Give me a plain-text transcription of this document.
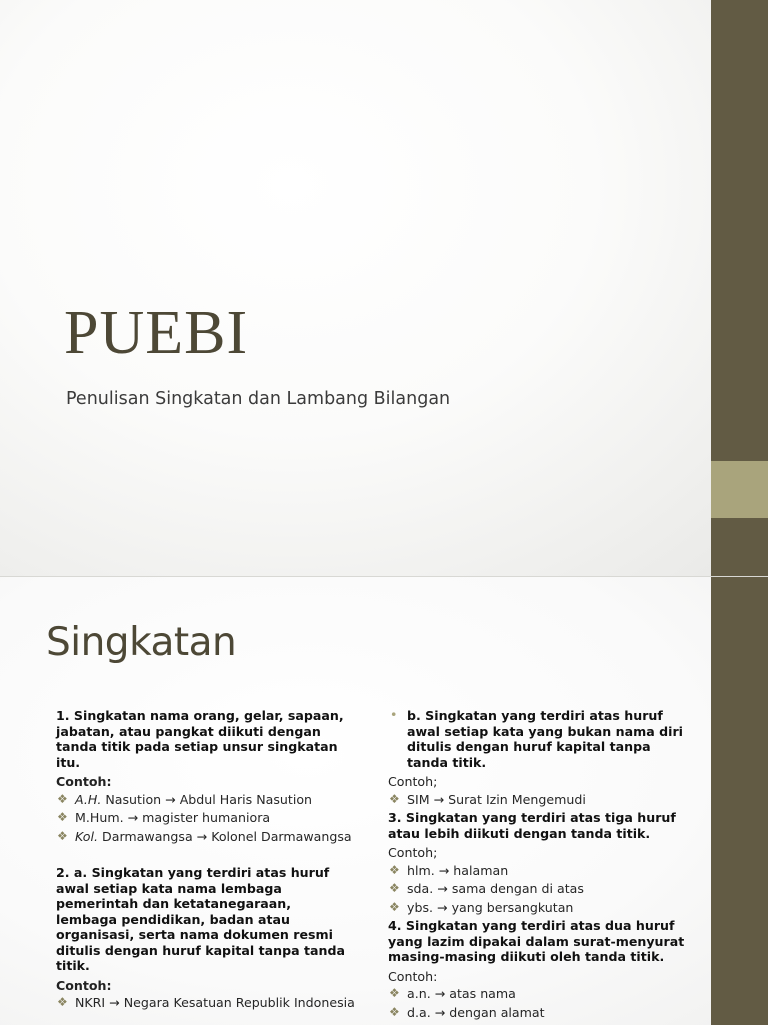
PUEBI
Penulisan Singkatan dan Lambang Bilangan
Singkatan

1. Singkatan nama orang, gelar, sapaan, jabatan, atau pangkat diikuti dengan tanda titik pada setiap unsur singkatan itu.

Contoh:
❖ A.H. Nasution → Abdul Haris Nasution
❖ M.Hum. → magister humaniora
❖ Kol. Darmawangsa → Kolonel Darmawangsa

2. a. Singkatan yang terdiri atas huruf awal setiap kata nama lembaga pemerintah dan ketatanegaraan, lembaga pendidikan, badan atau organisasi, serta nama dokumen resmi ditulis dengan huruf kapital tanpa tanda titik.

Contoh:
❖ NKRI → Negara Kesatuan Republik Indonesia

• b. Singkatan yang terdiri atas huruf awal setiap kata yang bukan nama diri ditulis dengan huruf kapital tanpa tanda titik.

Contoh;
❖ SIM → Surat Izin Mengemudi

3. Singkatan yang terdiri atas tiga huruf atau lebih diikuti dengan tanda titik.

Contoh;
❖ hlm. → halaman
❖ sda. → sama dengan di atas
❖ ybs. → yang bersangkutan

4. Singkatan yang terdiri atas dua huruf yang lazim dipakai dalam surat-menyurat masing-masing diikuti oleh tanda titik.

Contoh:
❖ a.n. → atas nama
❖ d.a. → dengan alamat
